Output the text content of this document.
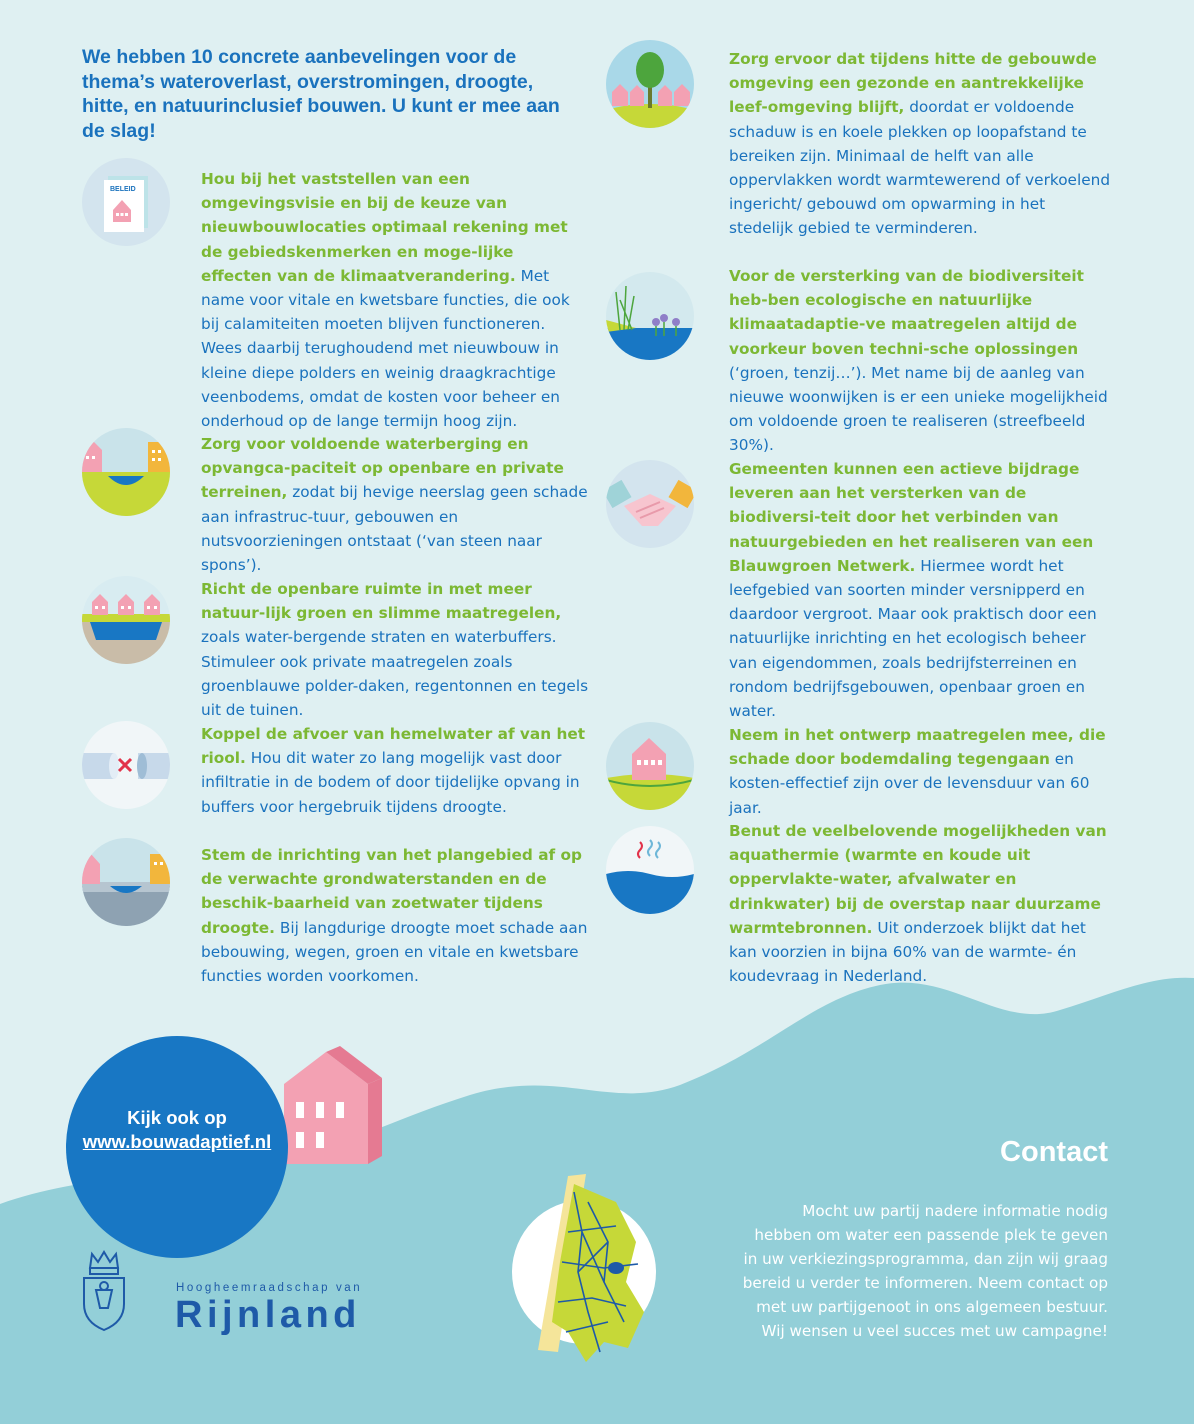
We hebben 10 concrete aanbevelingen voor de thema’s wateroverlast, overstromingen, droogte, hitte, en natuurinclusief bouwen. U kunt er mee aan de slag!
BELEID
Hou bij het vaststellen van een omgevingsvisie en bij de keuze van nieuwbouwlocaties optimaal rekening met de gebiedskenmerken en moge-lijke effecten van de klimaatverandering. Met name voor vitale en kwetsbare functies, die ook bij calamiteiten moeten blijven functioneren. Wees daarbij terughoudend met nieuwbouw in kleine diepe polders en weinig draagkrachtige veenbodems, omdat de kosten voor beheer en onderhoud op de lange termijn hoog zijn.
Zorg voor voldoende waterberging en opvangca-paciteit op openbare en private terreinen, zodat bij hevige neerslag geen schade aan infrastruc-tuur, gebouwen en nutsvoorzieningen ontstaat (‘van steen naar spons’).
Richt de openbare ruimte in met meer natuur-lijk groen en slimme maatregelen, zoals water-bergende straten en waterbuffers. Stimuleer ook private maatregelen zoals groenblauwe polder-daken, regentonnen en tegels uit de tuinen.
Koppel de afvoer van hemelwater af van het riool. Hou dit water zo lang mogelijk vast door infiltratie in de bodem of door tijdelijke opvang in buffers voor hergebruik tijdens droogte.
Stem de inrichting van het plangebied af op de verwachte grondwaterstanden en de beschik-baarheid van zoetwater tijdens droogte. Bij langdurige droogte moet schade aan bebouwing, wegen, groen en vitale en kwetsbare functies worden voorkomen.
Zorg ervoor dat tijdens hitte de gebouwde omgeving een gezonde en aantrekkelijke leef-omgeving blijft, doordat er voldoende schaduw is en koele plekken op loopafstand te bereiken zijn. Minimaal de helft van alle oppervlakken wordt warmtewerend of verkoelend ingericht/ gebouwd om opwarming in het stedelijk gebied te verminderen.
Voor de versterking van de biodiversiteit heb-ben ecologische en natuurlijke klimaatadaptie-ve maatregelen altijd de voorkeur boven techni-sche oplossingen (‘groen, tenzij…’). Met name bij de aanleg van nieuwe woonwijken is er een unieke mogelijkheid om voldoende groen te realiseren (streefbeeld 30%).
Gemeenten kunnen een actieve bijdrage leveren aan het versterken van de biodiversi-teit door het verbinden van natuurgebieden en het realiseren van een Blauwgroen Netwerk. Hiermee wordt het leefgebied van soorten minder versnipperd en daardoor vergroot. Maar ook praktisch door een natuurlijke inrichting en het ecologisch beheer van eigendommen, zoals bedrijfsterreinen en rondom bedrijfsgebouwen, openbaar groen en water.
Neem in het ontwerp maatregelen mee, die schade door bodemdaling tegengaan en kosten-effectief zijn over de levensduur van 60 jaar.
Benut de veelbelovende mogelijkheden van aquathermie (warmte en koude uit oppervlakte-water, afvalwater en drinkwater) bij de overstap naar duurzame warmtebronnen. Uit onderzoek blijkt dat het kan voorzien in bijna 60% van de warmte- én koudevraag in Nederland.
Kijk ook op
www.bouwadaptief.nl
Hoogheemraadschap van
Rijnland
Contact
Mocht uw partij nadere informatie nodig
hebben om water een passende plek te geven
in uw verkiezingsprogramma, dan zijn wij graag
bereid u verder te informeren. Neem contact op
met uw partijgenoot in ons algemeen bestuur.
Wij wensen u veel succes met uw campagne!
